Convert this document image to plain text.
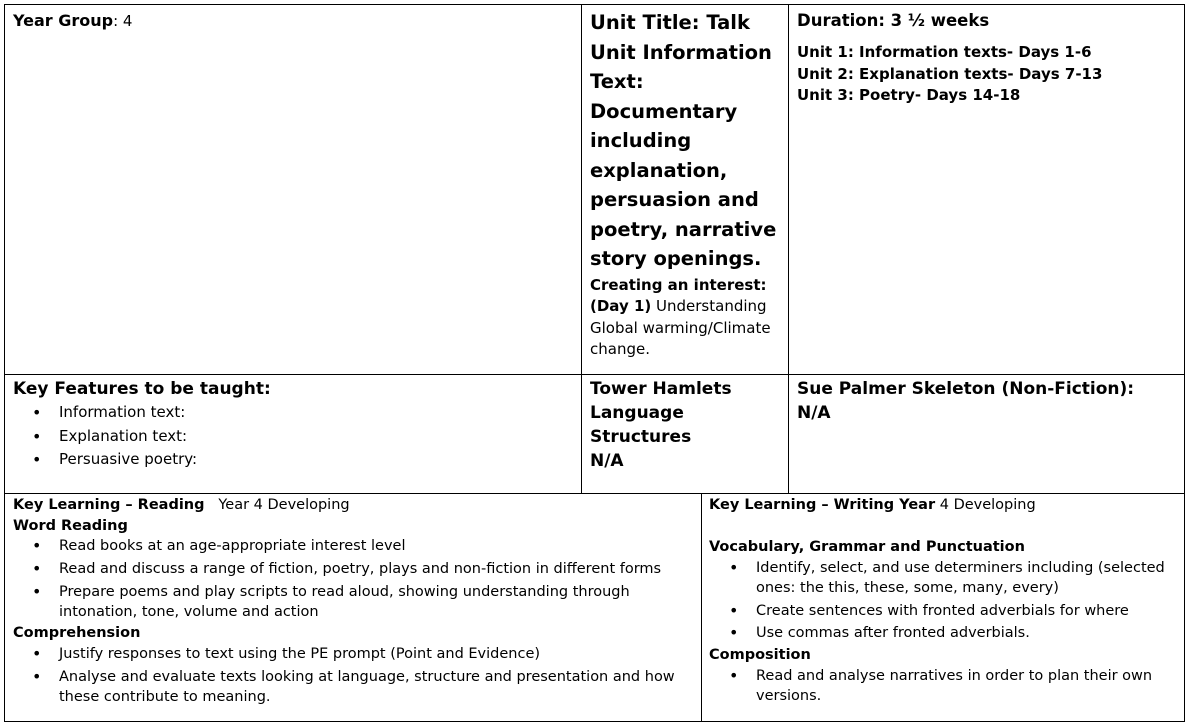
Year Group: 4	Unit Title: Talk
Unit Information
Text:
Documentary
including
explanation,
persuasion and
poetry, narrative
story openings.
Creating an interest:
(Day 1) Understanding Global warming/Climate change.
Duration: 3 ½ weeks
Unit 1: Information texts- Days 1-6
Unit 2: Explanation texts- Days 7-13
Unit 3: Poetry- Days 14-18
Key Features to be taught:
• Information text:
• Explanation text:
• Persuasive poetry:
Tower Hamlets
Language Structures
N/A
Sue Palmer Skeleton (Non-Fiction):
N/A
Key Learning – Reading Year 4 Developing
Word Reading
• Read books at an age-appropriate interest level
• Read and discuss a range of fiction, poetry, plays and non-fiction in different forms
• Prepare poems and play scripts to read aloud, showing understanding through intonation, tone, volume and action
Comprehension
• Justify responses to text using the PE prompt (Point and Evidence)
• Analyse and evaluate texts looking at language, structure and presentation and how these contribute to meaning.
Key Learning – Writing Year 4 Developing
Vocabulary, Grammar and Punctuation
• Identify, select, and use determiners including (selected ones: the this, these, some, many, every)
• Create sentences with fronted adverbials for where
• Use commas after fronted adverbials.
Composition
• Read and analyse narratives in order to plan their own versions.
